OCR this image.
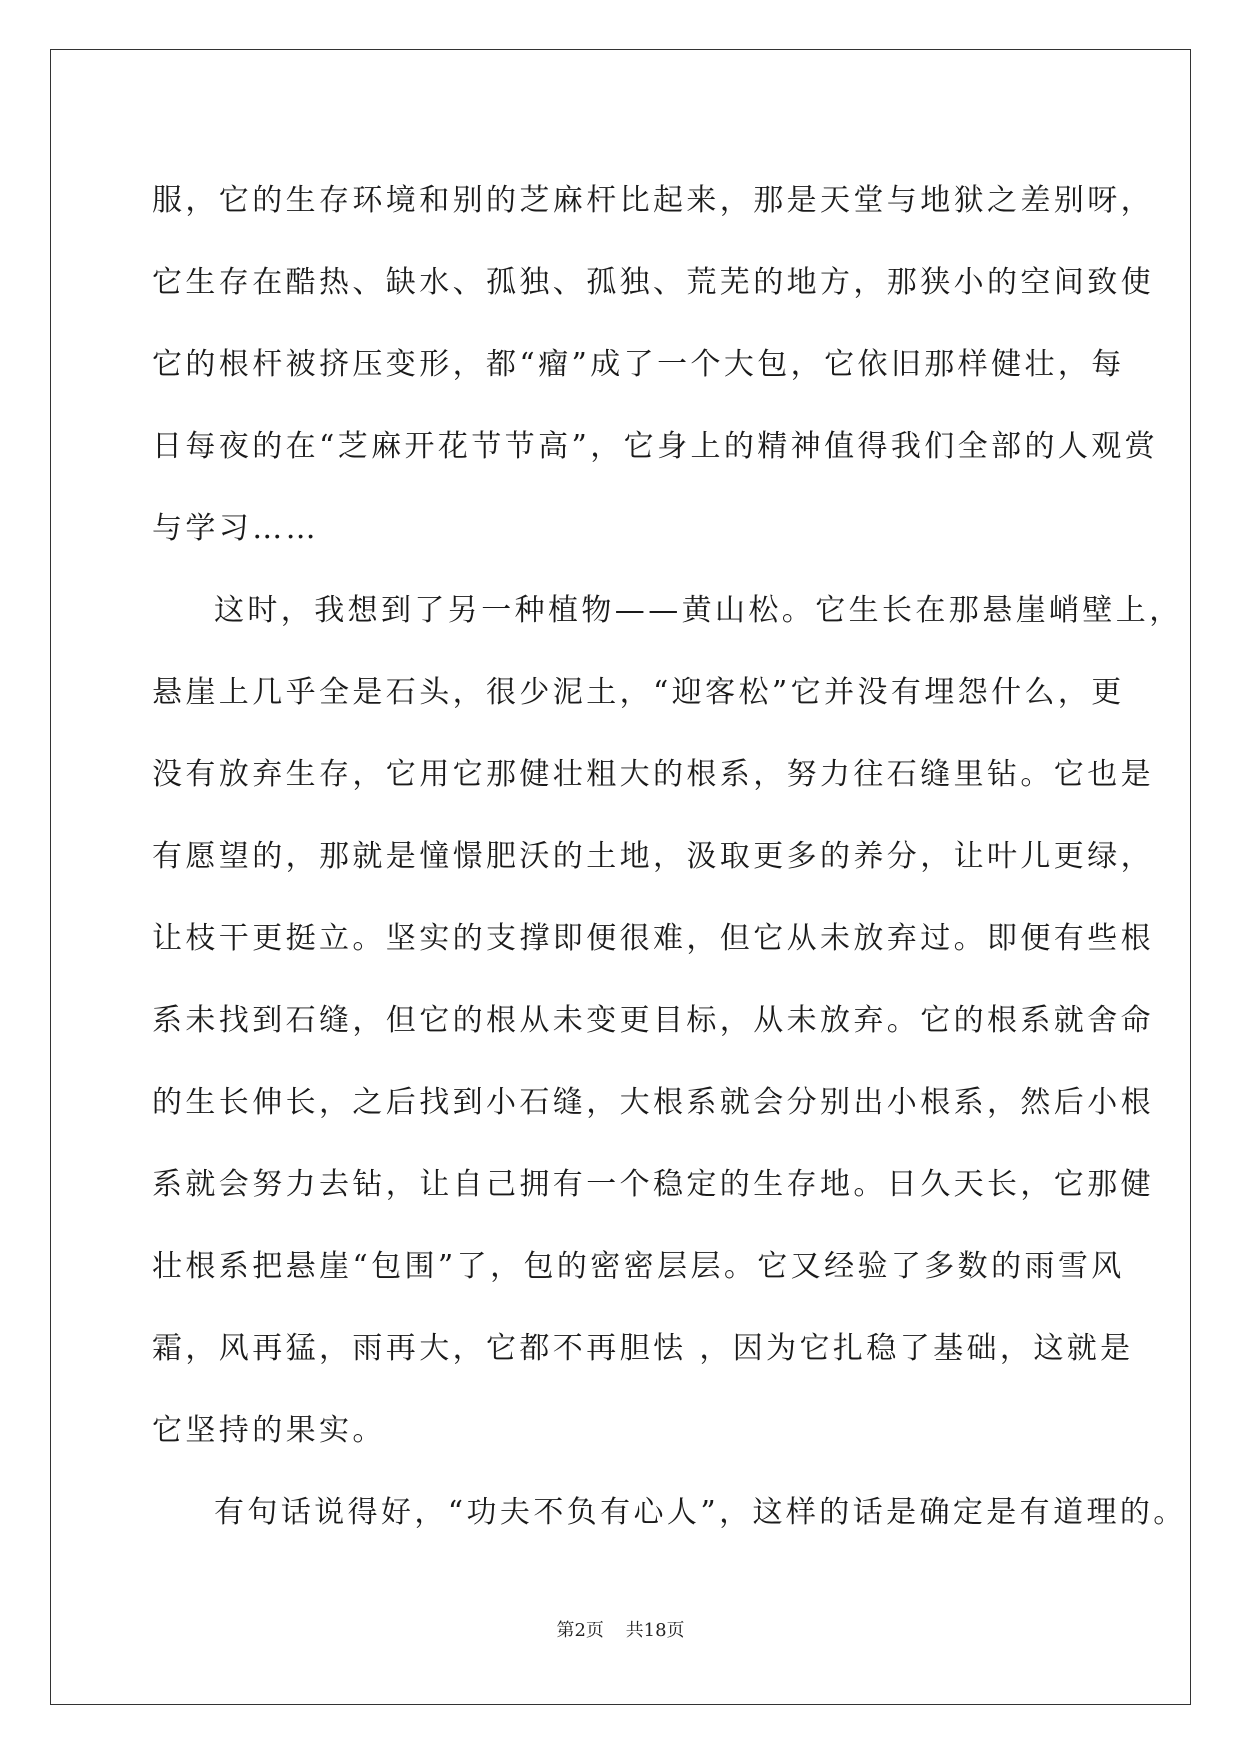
服，它的生存环境和别的芝麻杆比起来，那是天堂与地狱之差别呀，
它生存在酷热、缺水、孤独、孤独、荒芜的地方，那狭小的空间致使
它的根杆被挤压变形，都“瘤”成了一个大包，它依旧那样健壮，每
日每夜的在“芝麻开花节节高”，它身上的精神值得我们全部的人观赏
与学习……
这时，我想到了另一种植物——黄山松。它生长在那悬崖峭壁上，
悬崖上几乎全是石头，很少泥土，“迎客松”它并没有埋怨什么，更
没有放弃生存，它用它那健壮粗大的根系，努力往石缝里钻。它也是
有愿望的，那就是憧憬肥沃的土地，汲取更多的养分，让叶儿更绿，
让枝干更挺立。坚实的支撑即便很难，但它从未放弃过。即便有些根
系未找到石缝，但它的根从未变更目标，从未放弃。它的根系就舍命
的生长伸长，之后找到小石缝，大根系就会分别出小根系，然后小根
系就会努力去钻，让自己拥有一个稳定的生存地。日久天长，它那健
壮根系把悬崖“包围”了，包的密密层层。它又经验了多数的雨雪风
霜，风再猛，雨再大，它都不再胆怯 ，因为它扎稳了基础，这就是
它坚持的果实。
有句话说得好，“功夫不负有心人”，这样的话是确定是有道理的。
第2页 共18页
